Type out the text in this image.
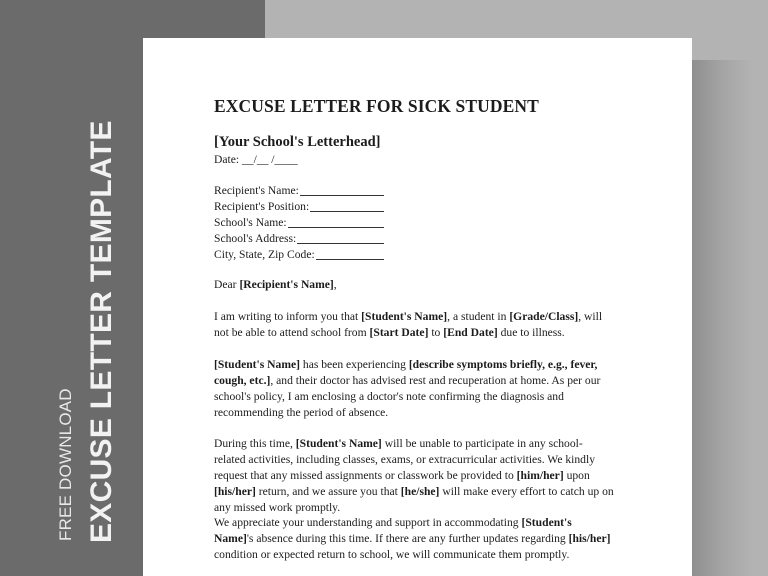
FREE DOWNLOAD EXCUSE LETTER TEMPLATE
EXCUSE LETTER FOR SICK STUDENT
[Your School's Letterhead]
Date: __/__ /____
Recipient's Name:
Recipient's Position:
School's Name:
School's Address:
City, State, Zip Code:
Dear [Recipient's Name],

I am writing to inform you that [Student's Name], a student in [Grade/Class], will not be able to attend school from [Start Date] to [End Date] due to illness.

[Student's Name] has been experiencing [describe symptoms briefly, e.g., fever, cough, etc.], and their doctor has advised rest and recuperation at home. As per our school's policy, I am enclosing a doctor's note confirming the diagnosis and recommending the period of absence.

During this time, [Student's Name] will be unable to participate in any school-related activities, including classes, exams, or extracurricular activities. We kindly request that any missed assignments or classwork be provided to [him/her] upon [his/her] return, and we assure you that [he/she] will make every effort to catch up on any missed work promptly.

We appreciate your understanding and support in accommodating [Student's Name]'s absence during this time. If there are any further updates regarding [his/her] condition or expected return to school, we will communicate them promptly.
